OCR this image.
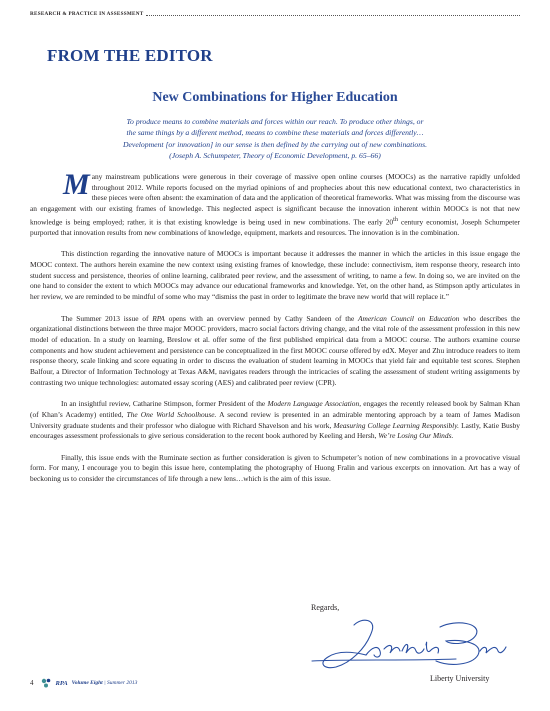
RESEARCH & PRACTICE IN ASSESSMENT
FROM THE EDITOR
New Combinations for Higher Education

To produce means to combine materials and forces within our reach. To produce other things, or
the same things by a different method, means to combine these materials and forces differently…
Development [or innovation] in our sense is then defined by the carrying out of new combinations.
(Joseph A. Schumpeter, Theory of Economic Development, p. 65–66)

Many mainstream publications were generous in their coverage of massive open online courses (MOOCs) as the narrative rapidly unfolded throughout 2012. While reports focused on the myriad opinions of and prophecies about this new educational context, two characteristics in these pieces were often absent: the examination of data and the application of theoretical frameworks. What was missing from the discourse was an engagement with our existing frames of knowledge. This neglected aspect is significant because the innovation inherent within MOOCs is not that new knowledge is being employed; rather, it is that existing knowledge is being used in new combinations. The early 20th century economist, Joseph Schumpeter purported that innovation results from new combinations of knowledge, equipment, markets and resources. The innovation is in the combination.

This distinction regarding the innovative nature of MOOCs is important because it addresses the manner in which the articles in this issue engage the MOOC context. The authors herein examine the new context using existing frames of knowledge, these include: connectivism, item response theory, research into student success and persistence, theories of online learning, calibrated peer review, and the assessment of writing, to name a few. In doing so, we are invited on the one hand to consider the extent to which MOOCs may advance our educational frameworks and knowledge. Yet, on the other hand, as Stimpson aptly articulates in her review, we are reminded to be mindful of some who may “dismiss the past in order to legitimate the brave new world that will replace it.”

The Summer 2013 issue of RPA opens with an overview penned by Cathy Sandeen of the American Council on Education who describes the organizational distinctions between the three major MOOC providers, macro social factors driving change, and the vital role of the assessment profession in this new model of education. In a study on learning, Breslow et al. offer some of the first published empirical data from a MOOC course. The authors examine course components and how student achievement and persistence can be conceptualized in the first MOOC course offered by edX. Meyer and Zhu introduce readers to item response theory, scale linking and score equating in order to discuss the evaluation of student learning in MOOCs that yield fair and equitable test scores. Stephen Balfour, a Director of Information Technology at Texas A&M, navigates readers through the intricacies of scaling the assessment of student writing assignments by contrasting two unique technologies: automated essay scoring (AES) and calibrated peer review (CPR).

In an insightful review, Catharine Stimpson, former President of the Modern Language Association, engages the recently released book by Salman Khan (of Khan’s Academy) entitled, The One World Schoolhouse. A second review is presented in an admirable mentoring approach by a team of James Madison University graduate students and their professor who dialogue with Richard Shavelson and his work, Measuring College Learning Responsibly. Lastly, Katie Busby encourages assessment professionals to give serious consideration to the recent book authored by Keeling and Hersh, We’re Losing Our Minds.

Finally, this issue ends with the Ruminate section as further consideration is given to Schumpeter’s notion of new combinations in a provocative visual form. For many, I encourage you to begin this issue here, contemplating the photography of Huong Fralin and various excerpts on innovation. Art has a way of beckoning us to consider the circumstances of life through a new lens…which is the aim of this issue.

Regards,
Joshua Brown
Liberty University
4	RPA Volume Eight | Summer 2013
